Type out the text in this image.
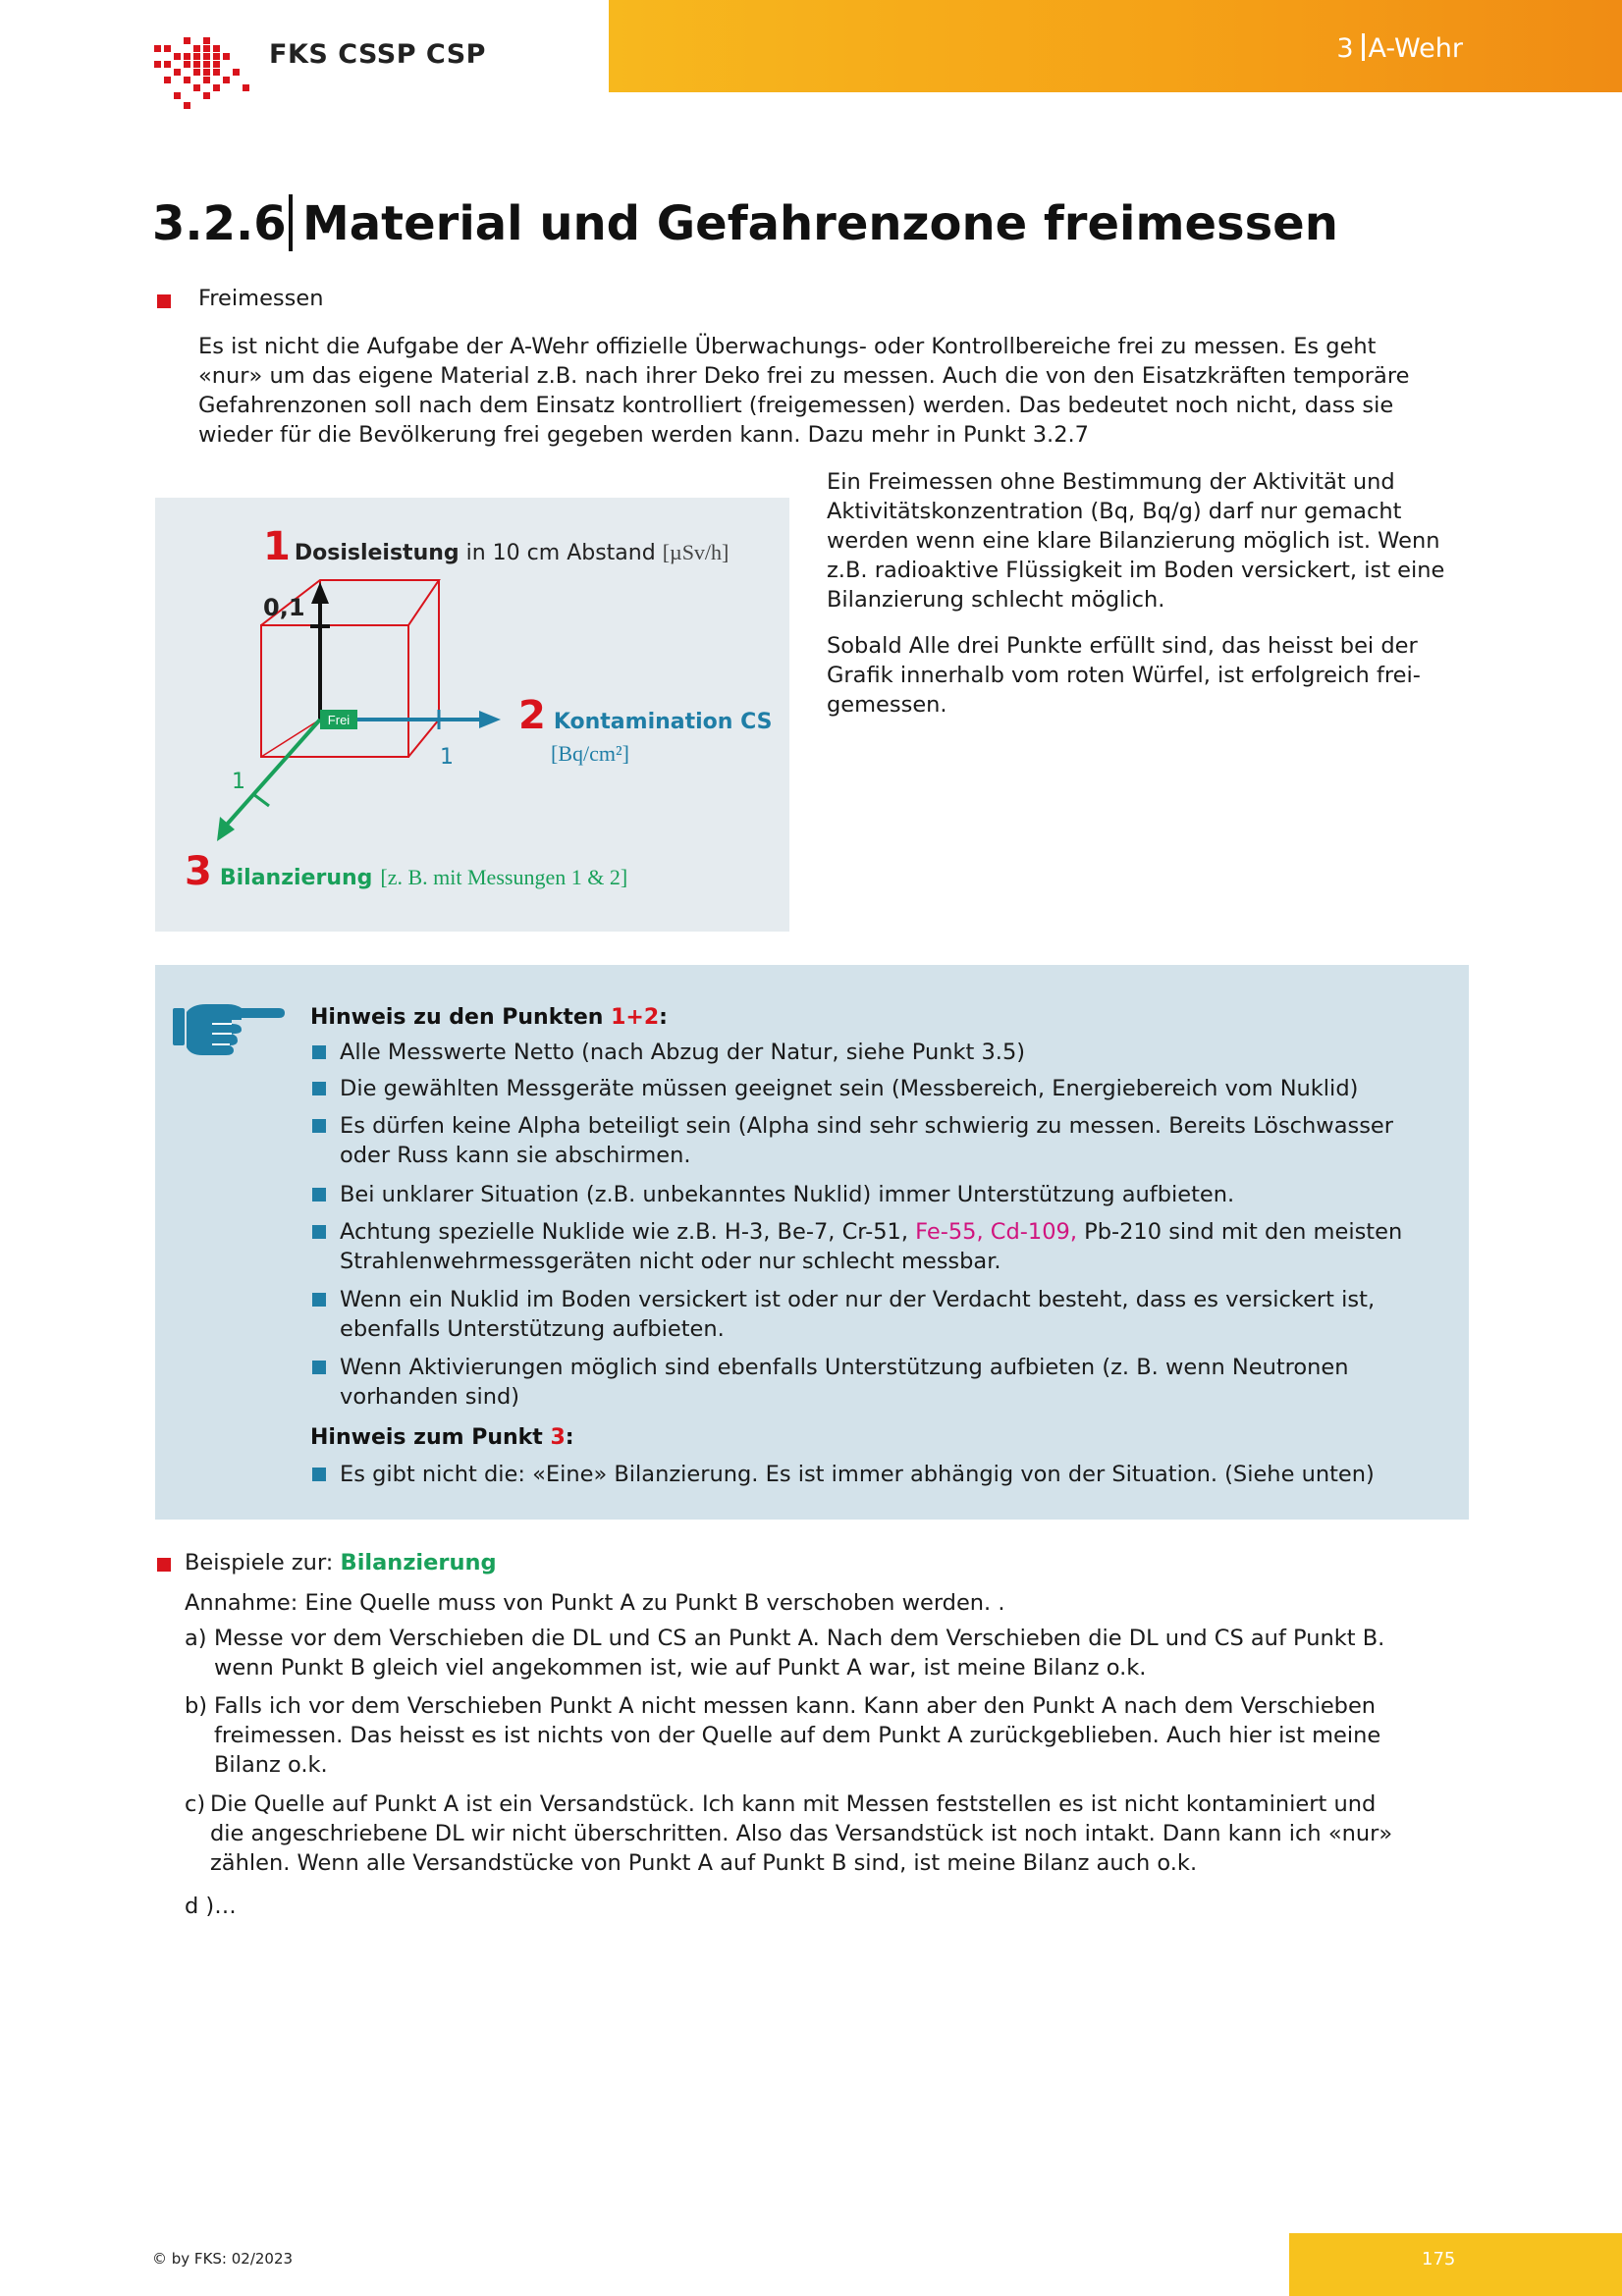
FKS CSSP CSP	3 A-Wehr
3.2.6 Material und Gefahrenzone freimessen
Freimessen
Es ist nicht die Aufgabe der A-Wehr offizielle Überwachungs- oder Kontrollbereiche frei zu messen. Es geht
«nur» um das eigene Material z.B. nach ihrer Deko frei zu messen. Auch die von den Eisatzkräften temporäre
Gefahrenzonen soll nach dem Einsatz kontrolliert (freigemessen) werden. Das bedeutet noch nicht, dass sie
wieder für die Bevölkerung frei gegeben werden kann. Dazu mehr in Punkt 3.2.7
Ein Freimessen ohne Bestimmung der Aktivität und
Aktivitätskonzentration (Bq, Bq/g) darf nur gemacht
werden wenn eine klare Bilanzierung möglich ist. Wenn
z.B. radioaktive Flüssigkeit im Boden versickert, ist eine
Bilanzierung schlecht möglich.
Sobald Alle drei Punkte erfüllt sind, das heisst bei der
Grafik innerhalb vom roten Würfel, ist erfolgreich frei-
gemessen.
Frei
1 Dosisleistung in 10 cm Abstand [µSv/h]
0,1
2 Kontamination CS
[Bq/cm²]
1
3 Bilanzierung [z. B. mit Messungen 1 & 2]
1
Hinweis zu den Punkten 1+2:
Alle Messwerte Netto (nach Abzug der Natur, siehe Punkt 3.5)
Die gewählten Messgeräte müssen geeignet sein (Messbereich, Energiebereich vom Nuklid)
Es dürfen keine Alpha beteiligt sein (Alpha sind sehr schwierig zu messen. Bereits Löschwasser
oder Russ kann sie abschirmen.
Bei unklarer Situation (z.B. unbekanntes Nuklid) immer Unterstützung aufbieten.
Achtung spezielle Nuklide wie z.B. H-3, Be-7, Cr-51, Fe-55, Cd-109, Pb-210 sind mit den meisten
Strahlenwehrmessgeräten nicht oder nur schlecht messbar.
Wenn ein Nuklid im Boden versickert ist oder nur der Verdacht besteht, dass es versickert ist,
ebenfalls Unterstützung aufbieten.
Wenn Aktivierungen möglich sind ebenfalls Unterstützung aufbieten (z. B. wenn Neutronen
vorhanden sind)
Hinweis zum Punkt 3:
Es gibt nicht die: «Eine» Bilanzierung. Es ist immer abhängig von der Situation. (Siehe unten)
Beispiele zur: Bilanzierung
Annahme: Eine Quelle muss von Punkt A zu Punkt B verschoben werden. .
a) Messe vor dem Verschieben die DL und CS an Punkt A. Nach dem Verschieben die DL und CS auf Punkt B.
wenn Punkt B gleich viel angekommen ist, wie auf Punkt A war, ist meine Bilanz o.k.
b) Falls ich vor dem Verschieben Punkt A nicht messen kann. Kann aber den Punkt A nach dem Verschieben
freimessen. Das heisst es ist nichts von der Quelle auf dem Punkt A zurückgeblieben. Auch hier ist meine
Bilanz o.k.
c) Die Quelle auf Punkt A ist ein Versandstück. Ich kann mit Messen feststellen es ist nicht kontaminiert und
die angeschriebene DL wir nicht überschritten. Also das Versandstück ist noch intakt. Dann kann ich «nur»
zählen. Wenn alle Versandstücke von Punkt A auf Punkt B sind, ist meine Bilanz auch o.k.
d )…
© by FKS: 02/2023	175
